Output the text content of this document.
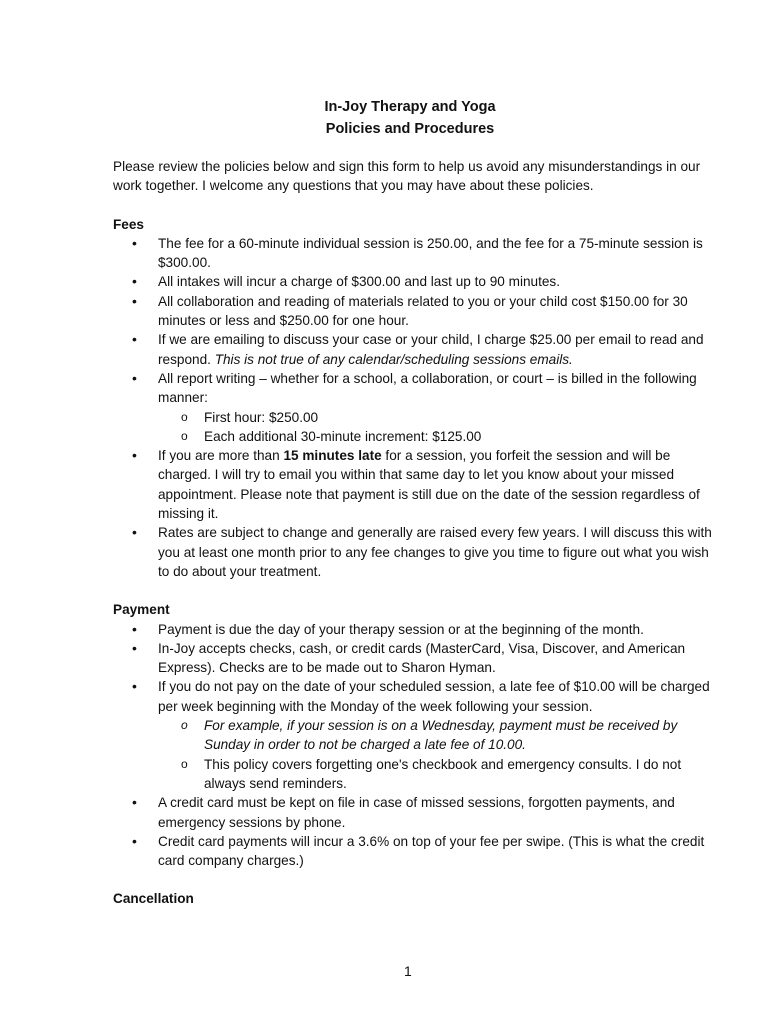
In-Joy Therapy and Yoga
Policies and Procedures

Please review the policies below and sign this form to help us avoid any misunderstandings in our work together. I welcome any questions that you may have about these policies.

Fees

• The fee for a 60-minute individual session is 250.00, and the fee for a 75-minute session is $300.00.
• All intakes will incur a charge of $300.00 and last up to 90 minutes.
• All collaboration and reading of materials related to you or your child cost $150.00 for 30 minutes or less and $250.00 for one hour.
• If we are emailing to discuss your case or your child, I charge $25.00 per email to read and respond. This is not true of any calendar/scheduling sessions emails.
• All report writing – whether for a school, a collaboration, or court – is billed in the following manner:
o First hour: $250.00
o Each additional 30-minute increment: $125.00
• If you are more than 15 minutes late for a session, you forfeit the session and will be charged. I will try to email you within that same day to let you know about your missed appointment. Please note that payment is still due on the date of the session regardless of missing it.
• Rates are subject to change and generally are raised every few years. I will discuss this with you at least one month prior to any fee changes to give you time to figure out what you wish to do about your treatment.

Payment

• Payment is due the day of your therapy session or at the beginning of the month.
• In-Joy accepts checks, cash, or credit cards (MasterCard, Visa, Discover, and American Express). Checks are to be made out to Sharon Hyman.
• If you do not pay on the date of your scheduled session, a late fee of $10.00 will be charged per week beginning with the Monday of the week following your session.
o For example, if your session is on a Wednesday, payment must be received by Sunday in order to not be charged a late fee of 10.00.
o This policy covers forgetting one's checkbook and emergency consults. I do not always send reminders.
• A credit card must be kept on file in case of missed sessions, forgotten payments, and emergency sessions by phone.
• Credit card payments will incur a 3.6% on top of your fee per swipe. (This is what the credit card company charges.)

Cancellation

1
